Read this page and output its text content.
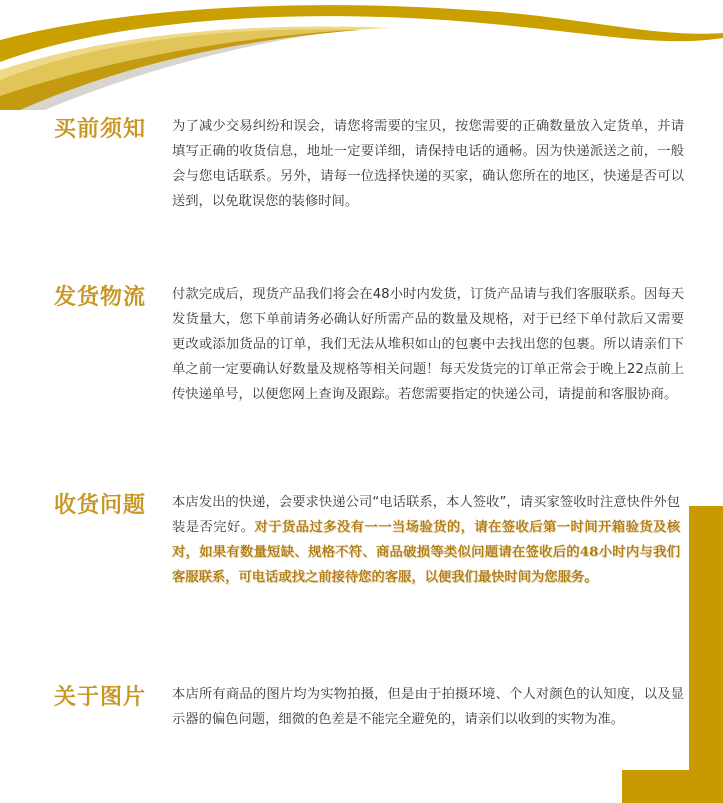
买前须知 为了减少交易纠纷和误会，请您将需要的宝贝，按您需要的正确数量放入定货单，并请填写正确的收货信息，地址一定要详细，请保持电话的通畅。因为快递派送之前，一般会与您电话联系。另外，请每一位选择快递的买家，确认您所在的地区，快递是否可以送到，以免耽误您的装修时间。
发货物流 付款完成后，现货产品我们将会在48小时内发货，订货产品请与我们客服联系。因每天发货量大，您下单前请务必确认好所需产品的数量及规格，对于已经下单付款后又需要更改或添加货品的订单，我们无法从堆积如山的包裹中去找出您的包裹。所以请亲们下单之前一定要确认好数量及规格等相关问题！每天发货完的订单正常会于晚上22点前上传快递单号，以便您网上查询及跟踪。若您需要指定的快递公司，请提前和客服协商。
收货问题 本店发出的快递，会要求快递公司“电话联系，本人签收”，请买家签收时注意快件外包装是否完好。对于货品过多没有一一当场验货的，请在签收后第一时间开箱验货及核对，如果有数量短缺、规格不符、商品破损等类似问题请在签收后的48小时内与我们客服联系，可电话或找之前接待您的客服，以便我们最快时间为您服务。
关于图片 本店所有商品的图片均为实物拍摄，但是由于拍摄环境、个人对颜色的认知度，以及显示器的偏色问题，细微的色差是不能完全避免的，请亲们以收到的实物为准。
